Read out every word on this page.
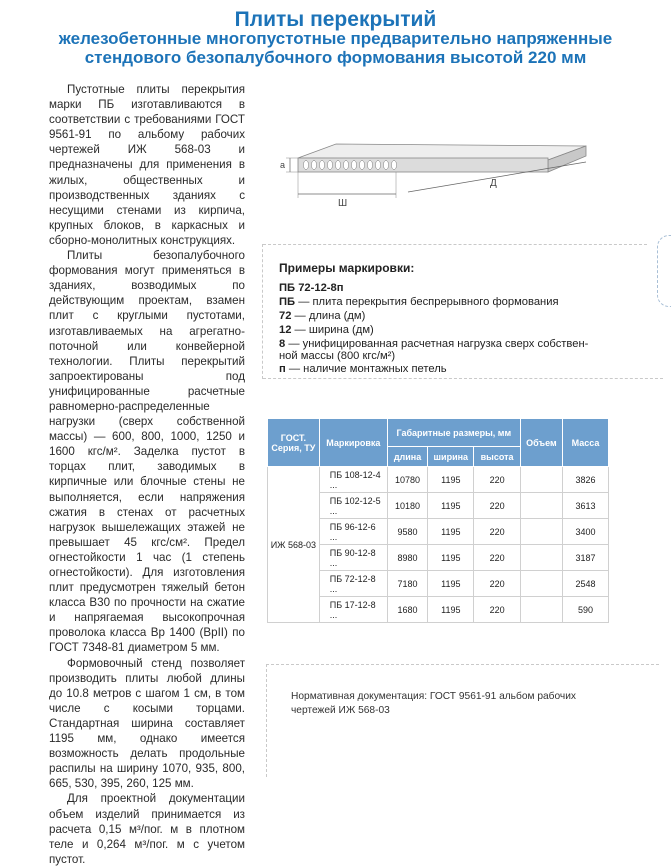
Плиты перекрытий
железобетонные многопустотные предварительно напряженные
стендового безопалубочного формования высотой 220 мм

Пустотные плиты перекрытия марки ПБ изготавливаются в соответствии с требованиями ГОСТ 9561-91 по альбому рабочих чертежей ИЖ 568-03 и предназначены для применения в жилых, общественных и производственных зданиях с несущими стенами из кирпича, крупных блоков, в каркасных и сборно-монолитных конструкциях.

Плиты безопалубочного формования могут применяться в зданиях, возводимых по действующим проектам, взамен плит с круглыми пустотами, изготавливаемых на агрегатно-поточной или конвейерной технологии. Плиты перекрытий запроектированы под унифицированные расчетные равномерно-распределенные нагрузки (сверх собственной массы) — 600, 800, 1000, 1250 и 1600 кгс/м². Заделка пустот в торцах плит, заводимых в кирпичные или блочные стены не выполняется, если напряжения сжатия в стенах от расчетных нагрузок вышележащих этажей не превышает 45 кгс/см². Предел огнестойкости 1 час (1 степень огнестойкости). Для изготовления плит предусмотрен тяжелый бетон класса В30 по прочности на сжатие и напрягаемая высокопрочная проволока класса Вр 1400 (ВрII) по ГОСТ 7348-81 диаметром 5 мм.

Формовочный стенд позволяет производить плиты любой длины до 10.8 метров с шагом 1 см, в том числе с косыми торцами. Стандартная ширина составляет 1195 мм, однако имеется возможность делать продольные распилы на ширину 1070, 935, 800, 665, 530, 395, 260, 125 мм.

Для проектной документации объем изделий принимается из расчета 0,15 м³/пог. м в плотном теле и 0,264 м³/пог. м с учетом пустот.

a
Ш
Д
Примеры маркировки:
ПБ 72-12-8п
ПБ — плита перекрытия беспрерывного формования
72 — длина (дм)
12 — ширина (дм)
8 — унифицированная расчетная нагрузка сверх собствен-
ной массы (800 кгс/м²)
п — наличие монтажных петель
ГОСТ. Серия, ТУ	Маркировка	Габаритные размеры, мм			Объем	Масса
		длина	ширина	высота		
ИЖ 568-03	ПБ 108-12-4
...	10780	1195	220		3826
	ПБ 102-12-5
...	10180	1195	220		3613
	ПБ 96-12-6
...	9580	1195	220		3400
	ПБ 90-12-8
...	8980	1195	220		3187
	ПБ 72-12-8
...	7180	1195	220		2548
	ПБ 17-12-8
...	1680	1195	220		590
Нормативная документация: ГОСТ 9561-91 альбом рабочих чертежей ИЖ 568-03
